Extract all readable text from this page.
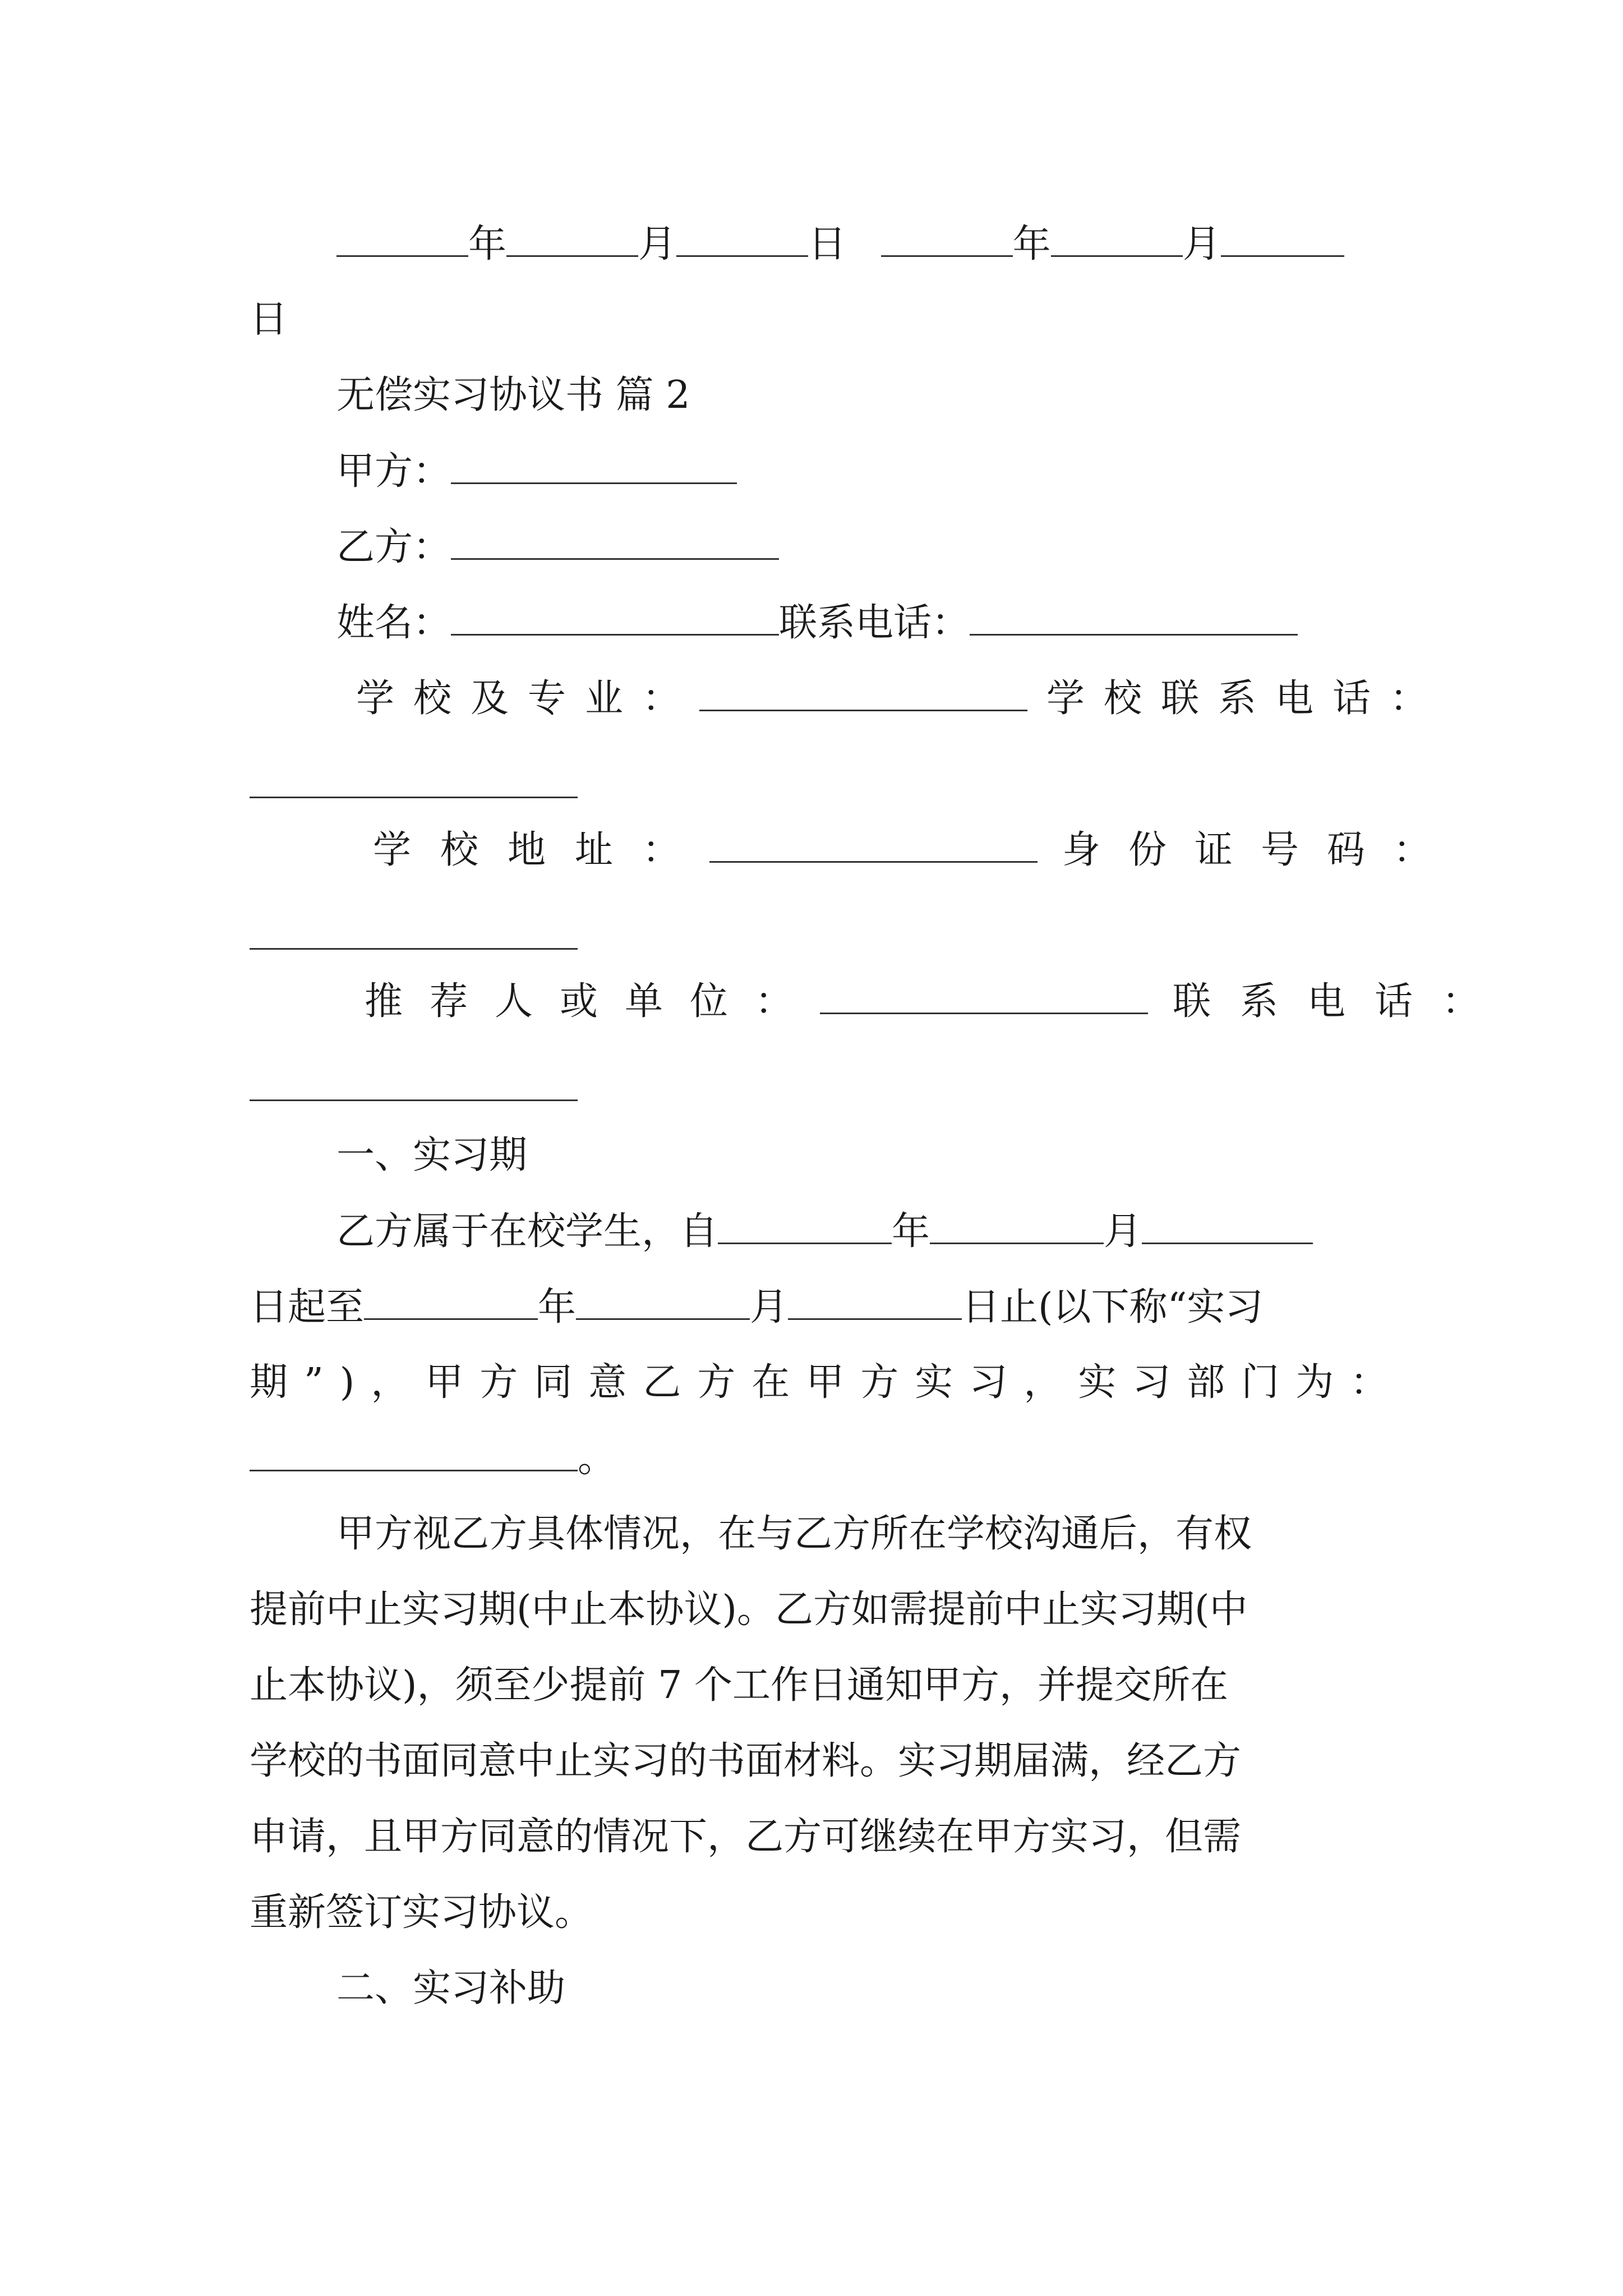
年	月	日	年	月
日
无偿实习协议书 篇 2
甲方：
乙方：
姓名：	联系电话：
学校及专业：	学校联系电话：
学校地址：	身份证号码：
推荐人或单位：	联系电话：
一、实习期
乙方属于在校学生，自	年	月
日起至	年	月	日止(以下称“实习
期”)，甲方同意乙方在甲方实习，实习部门为：
。
甲方视乙方具体情况，在与乙方所在学校沟通后，有权
提前中止实习期(中止本协议)。乙方如需提前中止实习期(中
止本协议)，须至少提前 7 个工作日通知甲方，并提交所在
学校的书面同意中止实习的书面材料。实习期届满，经乙方
申请，且甲方同意的情况下，乙方可继续在甲方实习，但需
重新签订实习协议。
二、实习补助
